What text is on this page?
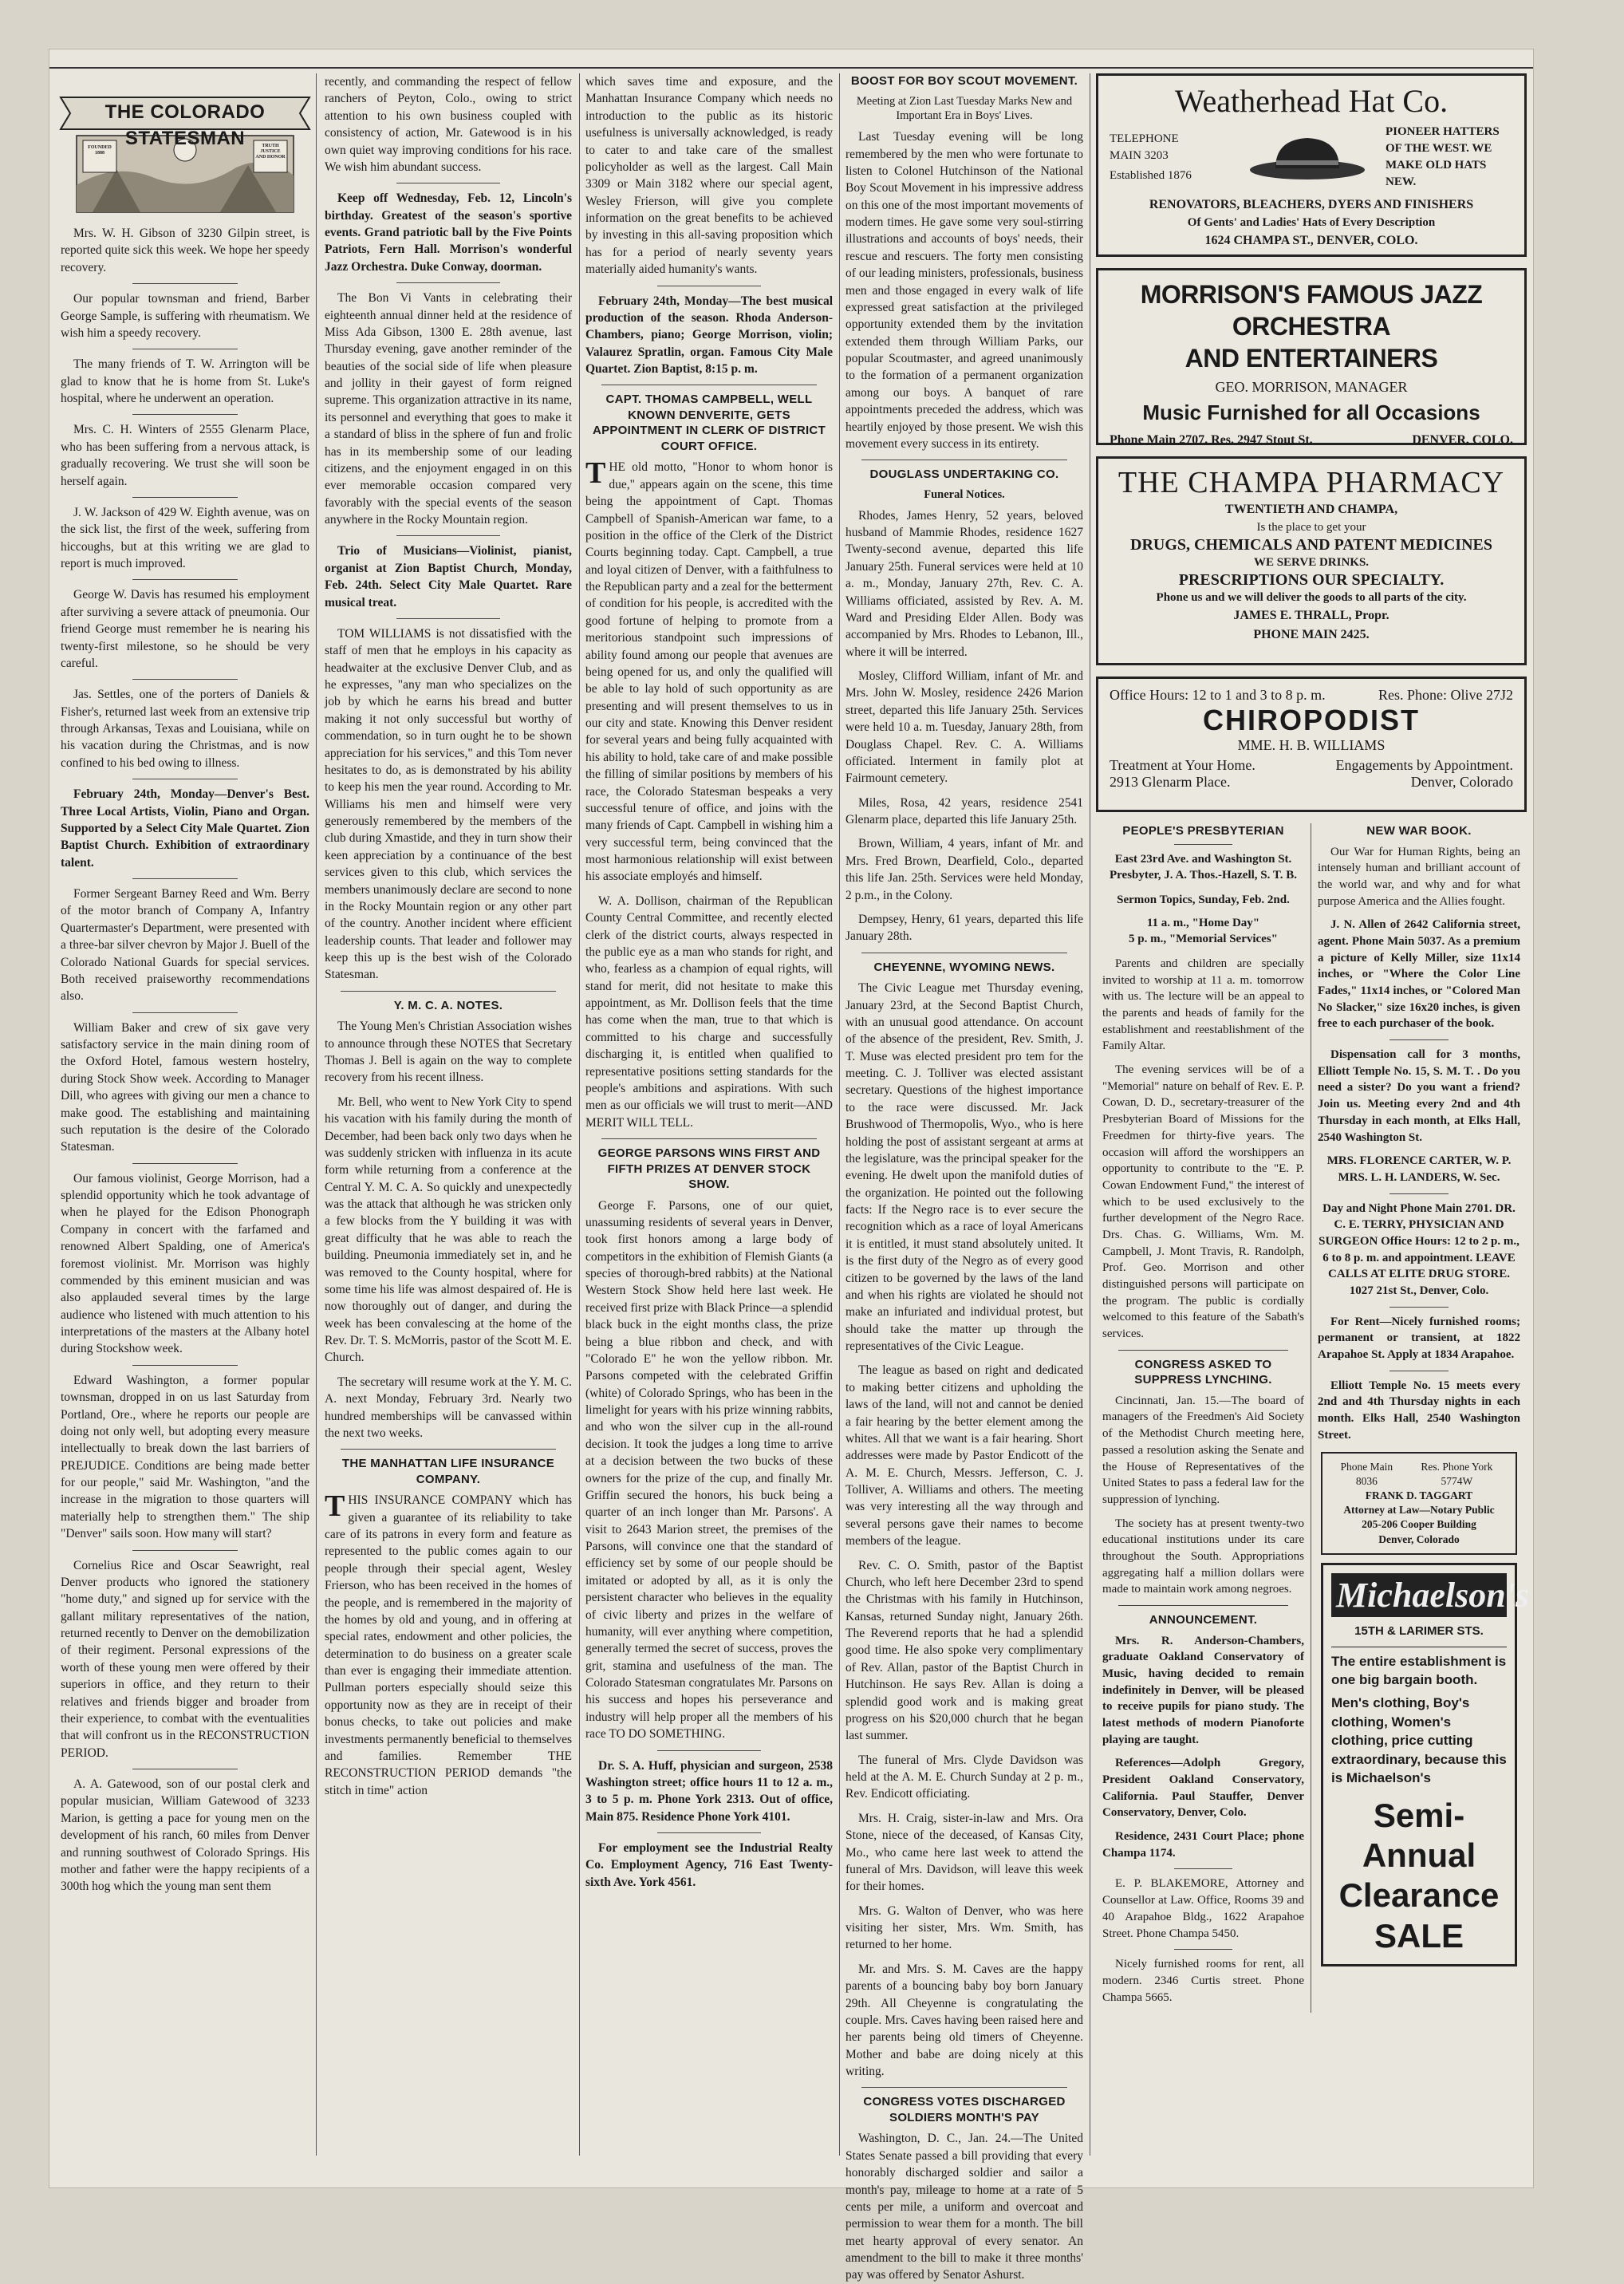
THE COLORADO STATESMAN
FOUNDED 1888
TRUTH JUSTICE AND HONOR

Mrs. W. H. Gibson of 3230 Gilpin street, is reported quite sick this week. We hope her speedy recovery.

Our popular townsman and friend, Barber George Sample, is suffering with rheumatism. We wish him a speedy recovery.

The many friends of T. W. Arrington will be glad to know that he is home from St. Luke's hospital, where he underwent an operation.

Mrs. C. H. Winters of 2555 Glenarm Place, who has been suffering from a nervous attack, is gradually recovering. We trust she will soon be herself again.

J. W. Jackson of 429 W. Eighth avenue, was on the sick list, the first of the week, suffering from hiccoughs, but at this writing we are glad to report is much improved.

George W. Davis has resumed his employment after surviving a severe attack of pneumonia. Our friend George must remember he is nearing his twenty-first milestone, so he should be very careful.

Jas. Settles, one of the porters of Daniels & Fisher's, returned last week from an extensive trip through Arkansas, Texas and Louisiana, while on his vacation during the Christmas, and is now confined to his bed owing to illness.

February 24th, Monday—Denver's Best. Three Local Artists, Violin, Piano and Organ. Supported by a Select City Male Quartet. Zion Baptist Church. Exhibition of extraordinary talent.

Former Sergeant Barney Reed and Wm. Berry of the motor branch of Company A, Infantry Quartermaster's Department, were presented with a three-bar silver chevron by Major J. Buell of the Colorado National Guards for special services. Both received praiseworthy recommendations also.

William Baker and crew of six gave very satisfactory service in the main dining room of the Oxford Hotel, famous western hostelry, during Stock Show week. According to Manager Dill, who agrees with giving our men a chance to make good. The establishing and maintaining such reputation is the desire of the Colorado Statesman.

Our famous violinist, George Morrison, had a splendid opportunity which he took advantage of when he played for the Edison Phonograph Company in concert with the farfamed and renowned Albert Spalding, one of America's foremost violinist. Mr. Morrison was highly commended by this eminent musician and was also applauded several times by the large audience who listened with much attention to his interpretations of the masters at the Albany hotel during Stockshow week.

Edward Washington, a former popular townsman, dropped in on us last Saturday from Portland, Ore., where he reports our people are doing not only well, but adopting every measure intellectually to break down the last barriers of PREJUDICE. Conditions are being made better for our people," said Mr. Washington, "and the increase in the migration to those quarters will materially help to strengthen them." The ship "Denver" sails soon. How many will start?

Cornelius Rice and Oscar Seawright, real Denver products who ignored the stationery "home duty," and signed up for service with the gallant military representatives of the nation, returned recently to Denver on the demobilization of their regiment. Personal expressions of the worth of these young men were offered by their superiors in office, and they return to their relatives and friends bigger and broader from their experience, to combat with the eventualities that will confront us in the RECONSTRUCTION PERIOD.

A. A. Gatewood, son of our postal clerk and popular musician, William Gatewood of 3233 Marion, is getting a pace for young men on the development of his ranch, 60 miles from Denver and running southwest of Colorado Springs. His mother and father were the happy recipients of a 300th hog which the young man sent them

recently, and commanding the respect of fellow ranchers of Peyton, Colo., owing to strict attention to his own business coupled with consistency of action, Mr. Gatewood is in his own quiet way improving conditions for his race. We wish him abundant success.

Keep off Wednesday, Feb. 12, Lincoln's birthday. Greatest of the season's sportive events. Grand patriotic ball by the Five Points Patriots, Fern Hall. Morrison's wonderful Jazz Orchestra. Duke Conway, doorman.

The Bon Vi Vants in celebrating their eighteenth annual dinner held at the residence of Miss Ada Gibson, 1300 E. 28th avenue, last Thursday evening, gave another reminder of the beauties of the social side of life when pleasure and jollity in their gayest of form reigned supreme. This organization attractive in its name, its personnel and everything that goes to make it a standard of bliss in the sphere of fun and frolic has in its membership some of our leading citizens, and the enjoyment engaged in on this ever memorable occasion compared very favorably with the special events of the season anywhere in the Rocky Mountain region.

Trio of Musicians—Violinist, pianist, organist at Zion Baptist Church, Monday, Feb. 24th. Select City Male Quartet. Rare musical treat.

TOM WILLIAMS is not dissatisfied with the staff of men that he employs in his capacity as headwaiter at the exclusive Denver Club, and as he expresses, "any man who specializes on the job by which he earns his bread and butter making it not only successful but worthy of commendation, so in turn ought he to be shown appreciation for his services," and this Tom never hesitates to do, as is demonstrated by his ability to keep his men the year round. According to Mr. Williams his men and himself were very generously remembered by the members of the club during Xmastide, and they in turn show their keen appreciation by a continuance of the best services given to this club, which services the members unanimously declare are second to none in the Rocky Mountain region or any other part of the country. Another incident where efficient leadership counts. That leader and follower may keep this up is the best wish of the Colorado Statesman.

Y. M. C. A. NOTES.

The Young Men's Christian Association wishes to announce through these NOTES that Secretary Thomas J. Bell is again on the way to complete recovery from his recent illness.

Mr. Bell, who went to New York City to spend his vacation with his family during the month of December, had been back only two days when he was suddenly stricken with influenza in its acute form while returning from a conference at the Central Y. M. C. A. So quickly and unexpectedly was the attack that although he was stricken only a few blocks from the Y building it was with great difficulty that he was able to reach the building. Pneumonia immediately set in, and he was removed to the County hospital, where for some time his life was almost despaired of. He is now thoroughly out of danger, and during the week has been convalescing at the home of the Rev. Dr. T. S. McMorris, pastor of the Scott M. E. Church.

The secretary will resume work at the Y. M. C. A. next Monday, February 3rd. Nearly two hundred memberships will be canvassed within the next two weeks.

THE MANHATTAN LIFE INSURANCE COMPANY.

THIS INSURANCE COMPANY which has given a guarantee of its reliability to take care of its patrons in every form and feature as represented to the public comes again to our people through their special agent, Wesley Frierson, who has been received in the homes of the people, and is remembered in the majority of the homes by old and young, and in offering at special rates, endowment and other policies, the determination to do business on a greater scale than ever is engaging their immediate attention. Pullman porters especially should seize this opportunity now as they are in receipt of their bonus checks, to take out policies and make investments permanently beneficial to themselves and families. Remember THE RECONSTRUCTION PERIOD demands "the stitch in time" action

which saves time and exposure, and the Manhattan Insurance Company which needs no introduction to the public as its historic usefulness is universally acknowledged, is ready to cater to and take care of the smallest policyholder as well as the largest. Call Main 3309 or Main 3182 where our special agent, Wesley Frierson, will give you complete information on the great benefits to be achieved by investing in this all-saving proposition which has for a period of nearly seventy years materially aided humanity's wants.

February 24th, Monday—The best musical production of the season. Rhoda Anderson-Chambers, piano; George Morrison, violin; Valaurez Spratlin, organ. Famous City Male Quartet. Zion Baptist, 8:15 p. m.

CAPT. THOMAS CAMPBELL, WELL KNOWN DENVERITE, GETS APPOINTMENT IN CLERK OF DISTRICT COURT OFFICE.

THE old motto, "Honor to whom honor is due," appears again on the scene, this time being the appointment of Capt. Thomas Campbell of Spanish-American war fame, to a position in the office of the Clerk of the District Courts beginning today. Capt. Campbell, a true and loyal citizen of Denver, with a faithfulness to the Republican party and a zeal for the betterment of condition for his people, is accredited with the good fortune of helping to promote from a meritorious standpoint such impressions of ability found among our people that avenues are being opened for us, and only the qualified will be able to lay hold of such opportunity as are presenting and will present themselves to us in our city and state. Knowing this Denver resident for several years and being fully acquainted with his ability to hold, take care of and make possible the filling of similar positions by members of his race, the Colorado Statesman bespeaks a very successful tenure of office, and joins with the many friends of Capt. Campbell in wishing him a very successful term, being convinced that the most harmonious relationship will exist between his associate employés and himself.

W. A. Dollison, chairman of the Republican County Central Committee, and recently elected clerk of the district courts, always respected in the public eye as a man who stands for right, and who, fearless as a champion of equal rights, will stand for merit, did not hesitate to make this appointment, as Mr. Dollison feels that the time has come when the man, true to that which is committed to his charge and successfully discharging it, is entitled when qualified to representative positions setting standards for the people's ambitions and aspirations. With such men as our officials we will trust to merit—AND MERIT WILL TELL.

GEORGE PARSONS WINS FIRST AND FIFTH PRIZES AT DENVER STOCK SHOW.

George F. Parsons, one of our quiet, unassuming residents of several years in Denver, took first honors among a large body of competitors in the exhibition of Flemish Giants (a species of thorough-bred rabbits) at the National Western Stock Show held here last week. He received first prize with Black Prince—a splendid black buck in the eight months class, the prize being a blue ribbon and check, and with "Colorado E" he won the yellow ribbon. Mr. Parsons competed with the celebrated Griffin (white) of Colorado Springs, who has been in the limelight for years with his prize winning rabbits, and who won the silver cup in the all-round decision. It took the judges a long time to arrive at a decision between the two bucks of these owners for the prize of the cup, and finally Mr. Griffin secured the honors, his buck being a quarter of an inch longer than Mr. Parsons'. A visit to 2643 Marion street, the premises of the Parsons, will convince one that the standard of efficiency set by some of our people should be imitated or adopted by all, as it is only the persistent character who believes in the equality of civic liberty and prizes in the welfare of humanity, will ever anything where competition, generally termed the secret of success, proves the grit, stamina and usefulness of the man. The Colorado Statesman congratulates Mr. Parsons on his success and hopes his perseverance and industry will help proper all the members of his race TO DO SOMETHING.

Dr. S. A. Huff, physician and surgeon, 2538 Washington street; office hours 11 to 12 a. m., 3 to 5 p. m. Phone York 2313. Out of office, Main 875. Residence Phone York 4101.

For employment see the Industrial Realty Co. Employment Agency, 716 East Twenty-sixth Ave. York 4561.

BOOST FOR BOY SCOUT MOVEMENT.
Meeting at Zion Last Tuesday Marks New and Important Era in Boys' Lives.

Last Tuesday evening will be long remembered by the men who were fortunate to listen to Colonel Hutchinson of the National Boy Scout Movement in his impressive address on this one of the most important movements of modern times. He gave some very soul-stirring illustrations and accounts of boys' needs, their rescue and rescuers. The forty men consisting of our leading ministers, professionals, business men and those engaged in every walk of life expressed great satisfaction at the privileged opportunity extended them by the invitation extended them through William Parks, our popular Scoutmaster, and agreed unanimously to the formation of a permanent organization among our boys. A banquet of rare appointments preceded the address, which was heartily enjoyed by those present. We wish this movement every success in its entirety.

DOUGLASS UNDERTAKING CO.
Funeral Notices.

Rhodes, James Henry, 52 years, beloved husband of Mammie Rhodes, residence 1627 Twenty-second avenue, departed this life January 25th. Funeral services were held at 10 a. m., Monday, January 27th, Rev. C. A. Williams officiated, assisted by Rev. A. M. Ward and Presiding Elder Allen. Body was accompanied by Mrs. Rhodes to Lebanon, Ill., where it will be interred.

Mosley, Clifford William, infant of Mr. and Mrs. John W. Mosley, residence 2426 Marion street, departed this life January 25th. Services were held 10 a. m. Tuesday, January 28th, from Douglass Chapel. Rev. C. A. Williams officiated. Interment in family plot at Fairmount cemetery.

Miles, Rosa, 42 years, residence 2541 Glenarm place, departed this life January 25th.

Brown, William, 4 years, infant of Mr. and Mrs. Fred Brown, Dearfield, Colo., departed this life Jan. 25th. Services were held Monday, 2 p.m., in the Colony.

Dempsey, Henry, 61 years, departed this life January 28th.

CHEYENNE, WYOMING NEWS.

The Civic League met Thursday evening, January 23rd, at the Second Baptist Church, with an unusual good attendance. On account of the absence of the president, Rev. Smith, J. T. Muse was elected president pro tem for the meeting. C. J. Tolliver was elected assistant secretary. Questions of the highest importance to the race were discussed. Mr. Jack Brushwood of Thermopolis, Wyo., who is here holding the post of assistant sergeant at arms at the legislature, was the principal speaker for the evening. He dwelt upon the manifold duties of the organization. He pointed out the following facts: If the Negro race is to ever secure the recognition which as a race of loyal Americans it is entitled, it must stand absolutely united. It is the first duty of the Negro as of every good citizen to be governed by the laws of the land and when his rights are violated he should not make an infuriated and individual protest, but should take the matter up through the representatives of the Civic League.

The league as based on right and dedicated to making better citizens and upholding the laws of the land, will not and cannot be denied a fair hearing by the better element among the whites. All that we want is a fair hearing. Short addresses were made by Pastor Endicott of the A. M. E. Church, Messrs. Jefferson, C. J. Tolliver, A. Williams and others. The meeting was very interesting all the way through and several persons gave their names to become members of the league.

Rev. C. O. Smith, pastor of the Baptist Church, who left here December 23rd to spend the Christmas with his family in Hutchinson, Kansas, returned Sunday night, January 26th. The Reverend reports that he had a splendid good time. He also spoke very complimentary of Rev. Allan, pastor of the Baptist Church in Hutchinson. He says Rev. Allan is doing a splendid good work and is making great progress on his $20,000 church that he began last summer.

The funeral of Mrs. Clyde Davidson was held at the A. M. E. Church Sunday at 2 p. m., Rev. Endicott officiating.

Mrs. H. Craig, sister-in-law and Mrs. Ora Stone, niece of the deceased, of Kansas City, Mo., who came here last week to attend the funeral of Mrs. Davidson, will leave this week for their homes.

Mrs. G. Walton of Denver, who was here visiting her sister, Mrs. Wm. Smith, has returned to her home.

Mr. and Mrs. S. M. Caves are the happy parents of a bouncing baby boy born January 29th. All Cheyenne is congratulating the couple. Mrs. Caves having been raised here and her parents being old timers of Cheyenne. Mother and babe are doing nicely at this writing.

CONGRESS VOTES DISCHARGED SOLDIERS MONTH'S PAY

Washington, D. C., Jan. 24.—The United States Senate passed a bill providing that every honorably discharged soldier and sailor a month's pay, mileage to home at a rate of 5 cents per mile, a uniform and overcoat and permission to wear them for a month. The bill met hearty approval of every senator. An amendment to the bill to make it three months' pay was offered by Senator Ashurst.

Weatherhead Hat Co.
TELEPHONE
MAIN 3203
Established 1876
PIONEER HATTERS OF THE WEST. WE MAKE OLD HATS NEW.
RENOVATORS, BLEACHERS, DYERS AND FINISHERS
Of Gents' and Ladies' Hats of Every Description
1624 CHAMPA ST., DENVER, COLO.
MORRISON'S FAMOUS JAZZ ORCHESTRA
AND ENTERTAINERS
GEO. MORRISON, MANAGER
Music Furnished for all Occasions
Phone Main 2707. Res. 2947 Stout St.	DENVER, COLO.
THE CHAMPA PHARMACY
TWENTIETH AND CHAMPA,
Is the place to get your
DRUGS, CHEMICALS AND PATENT MEDICINES
WE SERVE DRINKS.
PRESCRIPTIONS OUR SPECIALTY.
Phone us and we will deliver the goods to all parts of the city.
JAMES E. THRALL, Propr.
PHONE MAIN 2425.
Office Hours: 12 to 1 and 3 to 8 p. m.	Res. Phone: Olive 27J2
CHIROPODIST
MME. H. B. WILLIAMS
Treatment at Your Home.	Engagements by Appointment.
2913 Glenarm Place.	Denver, Colorado
PEOPLE'S PRESBYTERIAN
East 23rd Ave. and Washington St. Presbyter, J. A. Thos.-Hazell, S. T. B.
Sermon Topics, Sunday, Feb. 2nd.
11 a. m., "Home Day"
5 p. m., "Memorial Services"

Parents and children are specially invited to worship at 11 a. m. tomorrow with us. The lecture will be an appeal to the parents and heads of family for the establishment and reestablishment of the Family Altar.

The evening services will be of a "Memorial" nature on behalf of Rev. E. P. Cowan, D. D., secretary-treasurer of the Presbyterian Board of Missions for the Freedmen for thirty-five years. The occasion will afford the worshippers an opportunity to contribute to the "E. P. Cowan Endowment Fund," the interest of which to be used exclusively to the further development of the Negro Race. Drs. Chas. G. Williams, Wm. M. Campbell, J. Mont Travis, R. Randolph, Prof. Geo. Morrison and other distinguished persons will participate on the program. The public is cordially welcomed to this feature of the Sabath's services.

CONGRESS ASKED TO SUPPRESS LYNCHING.

Cincinnati, Jan. 15.—The board of managers of the Freedmen's Aid Society of the Methodist Church meeting here, passed a resolution asking the Senate and the House of Representatives of the United States to pass a federal law for the suppression of lynching.

The society has at present twenty-two educational institutions under its care throughout the South. Appropriations aggregating half a million dollars were made to maintain work among negroes.

ANNOUNCEMENT.

Mrs. R. Anderson-Chambers, graduate Oakland Conservatory of Music, having decided to remain indefinitely in Denver, will be pleased to receive pupils for piano study. The latest methods of modern Pianoforte playing are taught.

References—Adolph Gregory, President Oakland Conservatory, California. Paul Stauffer, Denver Conservatory, Denver, Colo.

Residence, 2431 Court Place; phone Champa 1174.

E. P. BLAKEMORE, Attorney and Counsellor at Law. Office, Rooms 39 and 40 Arapahoe Bldg., 1622 Arapahoe Street. Phone Champa 5450.

Nicely furnished rooms for rent, all modern. 2346 Curtis street. Phone Champa 5665.

NEW WAR BOOK.

Our War for Human Rights, being an intensely human and brilliant account of the world war, and why and for what purpose America and the Allies fought.

J. N. Allen of 2642 California street, agent. Phone Main 5037. As a premium a picture of Kelly Miller, size 11x14 inches, or "Where the Color Line Fades," 11x14 inches, or "Colored Man No Slacker," size 16x20 inches, is given free to each purchaser of the book.

Dispensation call for 3 months, Elliott Temple No. 15, S. M. T. . Do you need a sister? Do you want a friend? Join us. Meeting every 2nd and 4th Thursday in each month, at Elks Hall, 2540 Washington St.

MRS. FLORENCE CARTER, W. P. MRS. L. H. LANDERS, W. Sec.

Day and Night Phone Main 2701. DR. C. E. TERRY, PHYSICIAN AND SURGEON Office Hours: 12 to 2 p. m., 6 to 8 p. m. and appointment. LEAVE CALLS AT ELITE DRUG STORE. 1027 21st St., Denver, Colo.

For Rent—Nicely furnished rooms; permanent or transient, at 1822 Arapahoe St. Apply at 1834 Arapahoe.

Elliott Temple No. 15 meets every 2nd and 4th Thursday nights in each month. Elks Hall, 2540 Washington Street.

Phone Main 8036
Res. Phone York 5774W
FRANK D. TAGGART
Attorney at Law—Notary Public
205-206 Cooper Building
Denver, Colorado
Michaelson's
15TH & LARIMER STS.
The entire establishment is one big bargain booth.
Men's clothing, Boy's clothing, Women's clothing, price cutting extraordinary, because this is Michaelson's
Semi-Annual
Clearance
SALE
